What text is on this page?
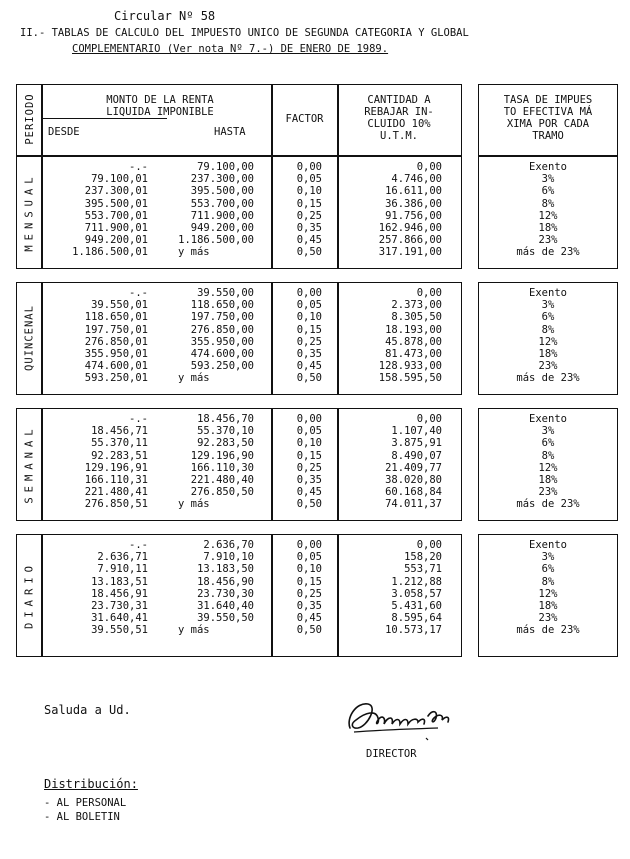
Circular Nº 58
II.- TABLAS DE CALCULO DEL IMPUESTO UNICO DE SEGUNDA CATEGORIA Y GLOBAL
COMPLEMENTARIO (Ver nota Nº 7.-) DE ENERO DE 1989.
PERIODO	MONTO DE LA RENTA
LIQUIDA IMPONIBLE
DESDE	HASTA
FACTOR
CANTIDAD A
REBAJAR IN-
CLUIDO 10%
U.T.M.
TASA DE IMPUES
TO EFECTIVA MÁ
XIMA POR CADA
TRAMO
MENSUAL
-.-
79.100,01
237.300,01
395.500,01
553.700,01
711.900,01
949.200,01
1.186.500,01
79.100,00
237.300,00
395.500,00
553.700,00
711.900,00
949.200,00
1.186.500,00
y más
0,00
0,05
0,10
0,15
0,25
0,35
0,45
0,50
0,00
4.746,00
16.611,00
36.386,00
91.756,00
162.946,00
257.866,00
317.191,00
Exento
3%
6%
8%
12%
18%
23%
más de 23%
QUINCENAL
-.-
39.550,01
118.650,01
197.750,01
276.850,01
355.950,01
474.600,01
593.250,01
39.550,00
118.650,00
197.750,00
276.850,00
355.950,00
474.600,00
593.250,00
y más
0,00
0,05
0,10
0,15
0,25
0,35
0,45
0,50
0,00
2.373,00
8.305,50
18.193,00
45.878,00
81.473,00
128.933,00
158.595,50
Exento
3%
6%
8%
12%
18%
23%
más de 23%
SEMANAL
-.-
18.456,71
55.370,11
92.283,51
129.196,91
166.110,31
221.480,41
276.850,51
18.456,70
55.370,10
92.283,50
129.196,90
166.110,30
221.480,40
276.850,50
y más
0,00
0,05
0,10
0,15
0,25
0,35
0,45
0,50
0,00
1.107,40
3.875,91
8.490,07
21.409,77
38.020,80
60.168,84
74.011,37
Exento
3%
6%
8%
12%
18%
23%
más de 23%
DIARIO
-.-
2.636,71
7.910,11
13.183,51
18.456,91
23.730,31
31.640,41
39.550,51
2.636,70
7.910,10
13.183,50
18.456,90
23.730,30
31.640,40
39.550,50
y más
0,00
0,05
0,10
0,15
0,25
0,35
0,45
0,50
0,00
158,20
553,71
1.212,88
3.058,57
5.431,60
8.595,64
10.573,17
Exento
3%
6%
8%
12%
18%
23%
más de 23%
Saluda a Ud.
DIRECTOR
Distribución:
- AL PERSONAL
- AL BOLETIN
